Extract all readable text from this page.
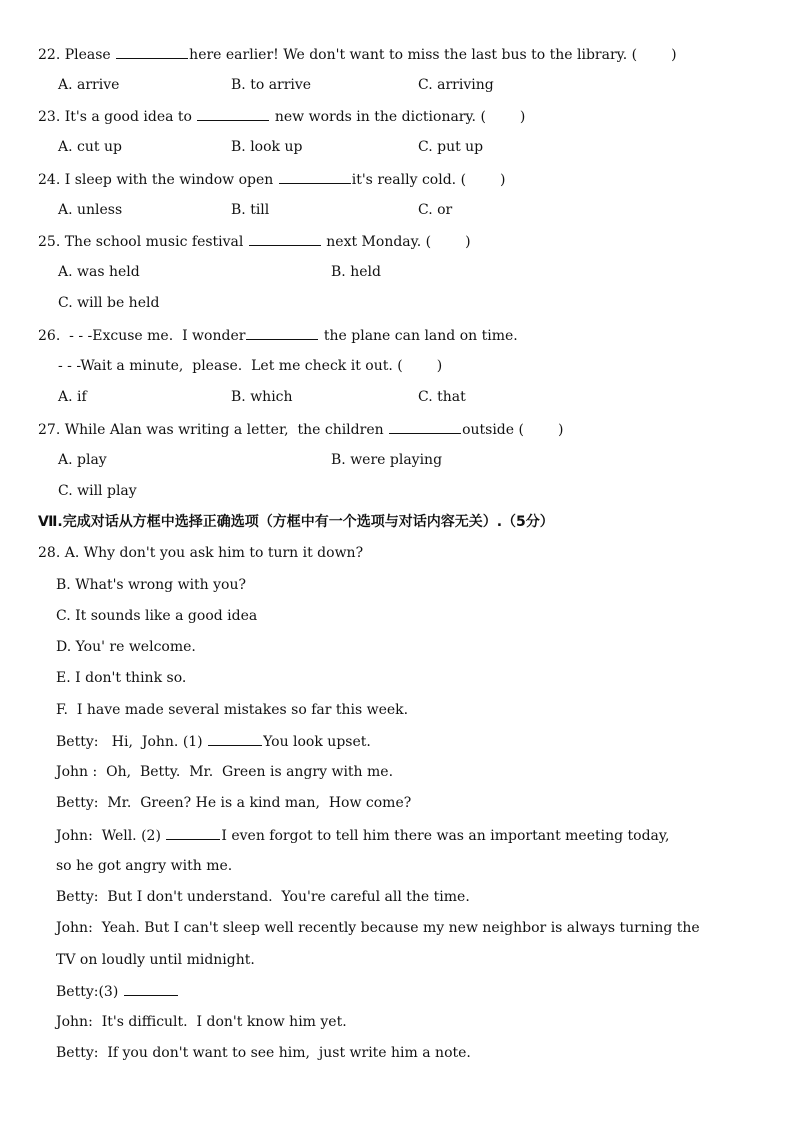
22. Please	here earlier! We don't want to miss the last bus to the library. ( )
A. arrive	B. to arrive	C. arriving
23. It's a good idea to	new words in the dictionary. ( )
A. cut up	B. look up	C. put up
24. I sleep with the window open	it's really cold. ( )
A. unless	B. till	C. or
25. The school music festival	next Monday. ( )
A. was held	B. held
C. will be held
26. - - -Excuse me.  I wonder	the plane can land on time.
- - -Wait a minute,  please.  Let me check it out. ( )
A. if	B. which	C. that
27. While Alan was writing a letter,  the children	outside ( )
A. play	B. were playing
C. will play
Ⅶ.完成对话从方框中选择正确选项（方框中有一个选项与对话内容无关）.（5分）
28. A. Why don't you ask him to turn it down?
B. What's wrong with you?
C. It sounds like a good idea
D. You' re welcome.
E. I don't think so.
F.  I have made several mistakes so far this week.
Betty:   Hi,  John. (1)	You look upset.
John :  Oh,  Betty.  Mr.  Green is angry with me.
Betty:  Mr.  Green? He is a kind man,  How come?
John:  Well. (2)	I even forgot to tell him there was an important meeting today,
so he got angry with me.
Betty:  But I don't understand.  You're careful all the time.
John:  Yeah. But I can't sleep well recently because my new neighbor is always turning the
TV on loudly until midnight.
Betty:(3)
John:  It's difficult.  I don't know him yet.
Betty:  If you don't want to see him,  just write him a note.
